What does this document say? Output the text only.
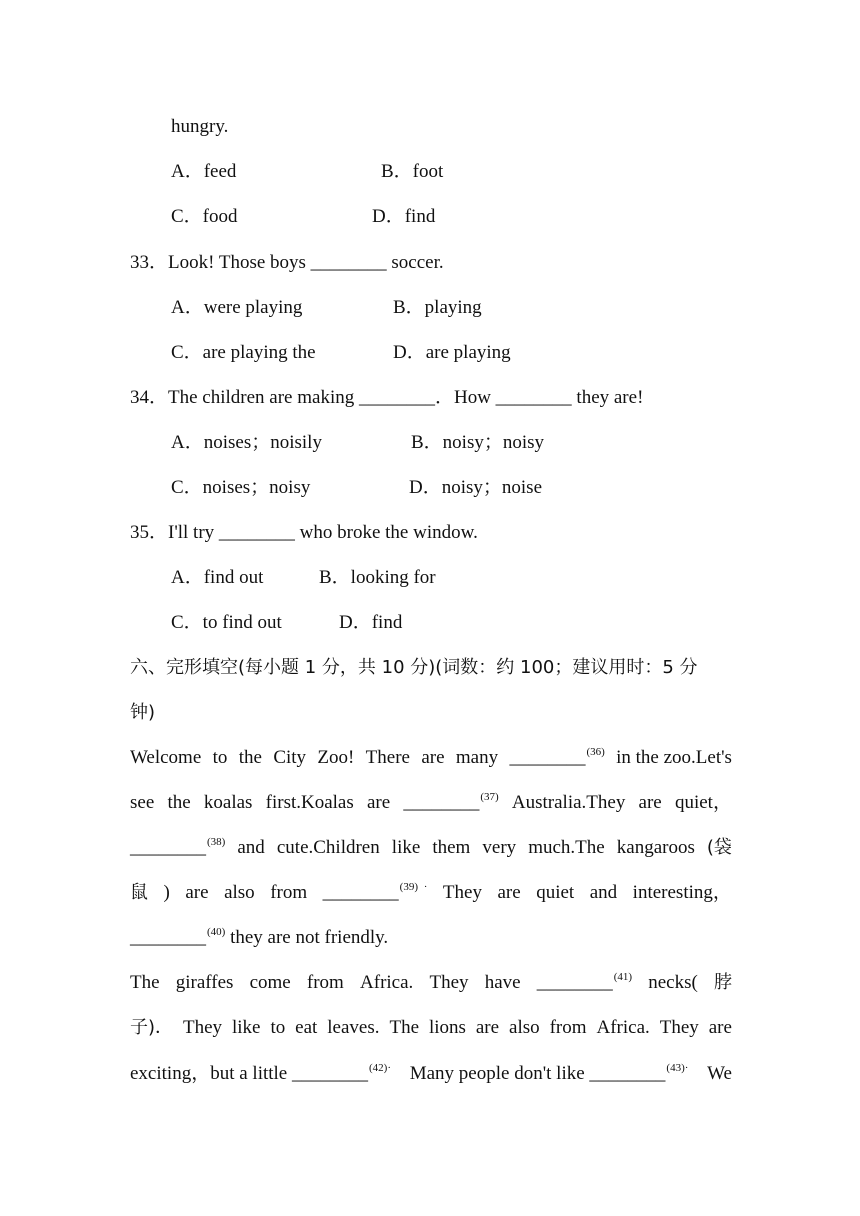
hungry.
A．feed	B．foot
C．food	D．find
33．Look! Those boys ________ soccer.
A．were playing	B．playing
C．are playing the	D．are playing
34．The children are making ________．How ________ they are!
A．noises；noisily	B．noisy；noisy
C．noises；noisy	D．noisy；noise
35．I'll try ________ who broke the window.
A．find out	B．looking for
C．to find out	D．find
六、完形填空(每小题 1 分，共 10 分)(词数：约 100；建议用时：5 分
钟)
Welcome to the City Zoo! There are many ________$^{(36)}$ in the zoo.Let's
see the koalas first.Koalas are ________$^{(37)}$ Australia.They are quiet，
________$^{(38)}$ and cute.Children like them very much.The kangaroos (袋
鼠 ) are also from ________$^{(39)}$ · They are quiet and interesting，
________$^{(40)}$ they are not friendly.
The giraffes come from Africa. They have ________$^{(41)}$ necks( 脖
子)． They like to eat leaves. The lions are also from Africa. They are
exciting，but a little ________$^{(42)\cdot}$ Many people don't like ________$^{(43)\cdot}$ We
